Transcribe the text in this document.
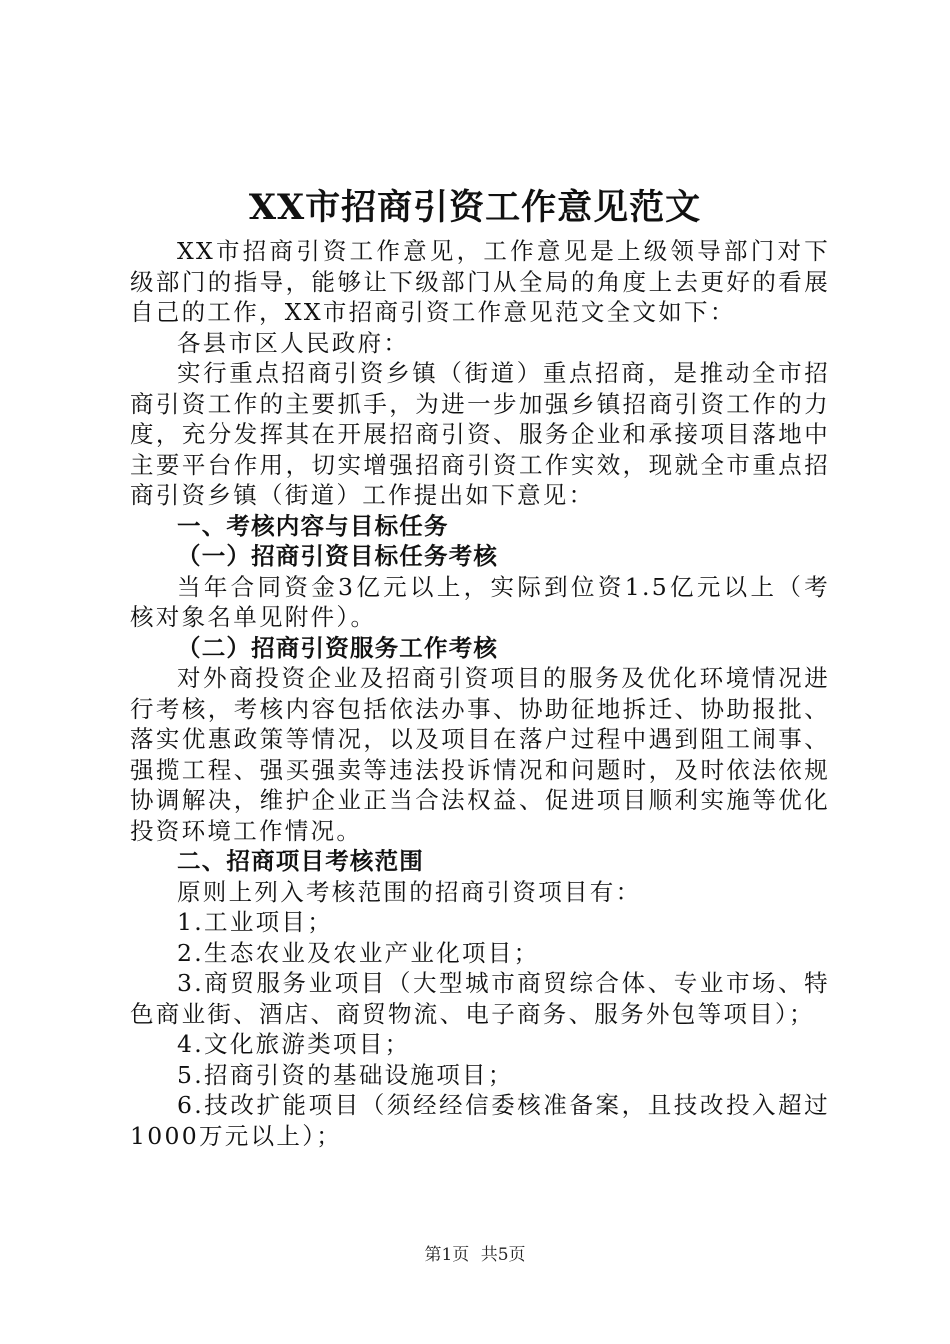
XX市招商引资工作意见范文

XX市招商引资工作意见，工作意见是上级领导部门对下级部门的指导，能够让下级部门从全局的角度上去更好的看展自己的工作，XX市招商引资工作意见范文全文如下：

各县市区人民政府：

实行重点招商引资乡镇（街道）重点招商，是推动全市招商引资工作的主要抓手，为进一步加强乡镇招商引资工作的力度，充分发挥其在开展招商引资、服务企业和承接项目落地中主要平台作用，切实增强招商引资工作实效，现就全市重点招商引资乡镇（街道）工作提出如下意见：

一、考核内容与目标任务

（一）招商引资目标任务考核

当年合同资金3亿元以上，实际到位资1.5亿元以上（考核对象名单见附件）。

（二）招商引资服务工作考核

对外商投资企业及招商引资项目的服务及优化环境情况进行考核，考核内容包括依法办事、协助征地拆迁、协助报批、落实优惠政策等情况，以及项目在落户过程中遇到阻工闹事、强揽工程、强买强卖等违法投诉情况和问题时，及时依法依规协调解决，维护企业正当合法权益、促进项目顺利实施等优化投资环境工作情况。

二、招商项目考核范围

原则上列入考核范围的招商引资项目有：

1.工业项目；

2.生态农业及农业产业化项目；

3.商贸服务业项目（大型城市商贸综合体、专业市场、特色商业街、酒店、商贸物流、电子商务、服务外包等项目）；

4.文化旅游类项目；

5.招商引资的基础设施项目；

6.技改扩能项目（须经经信委核准备案，且技改投入超过1000万元以上）；

第1页 共5页
